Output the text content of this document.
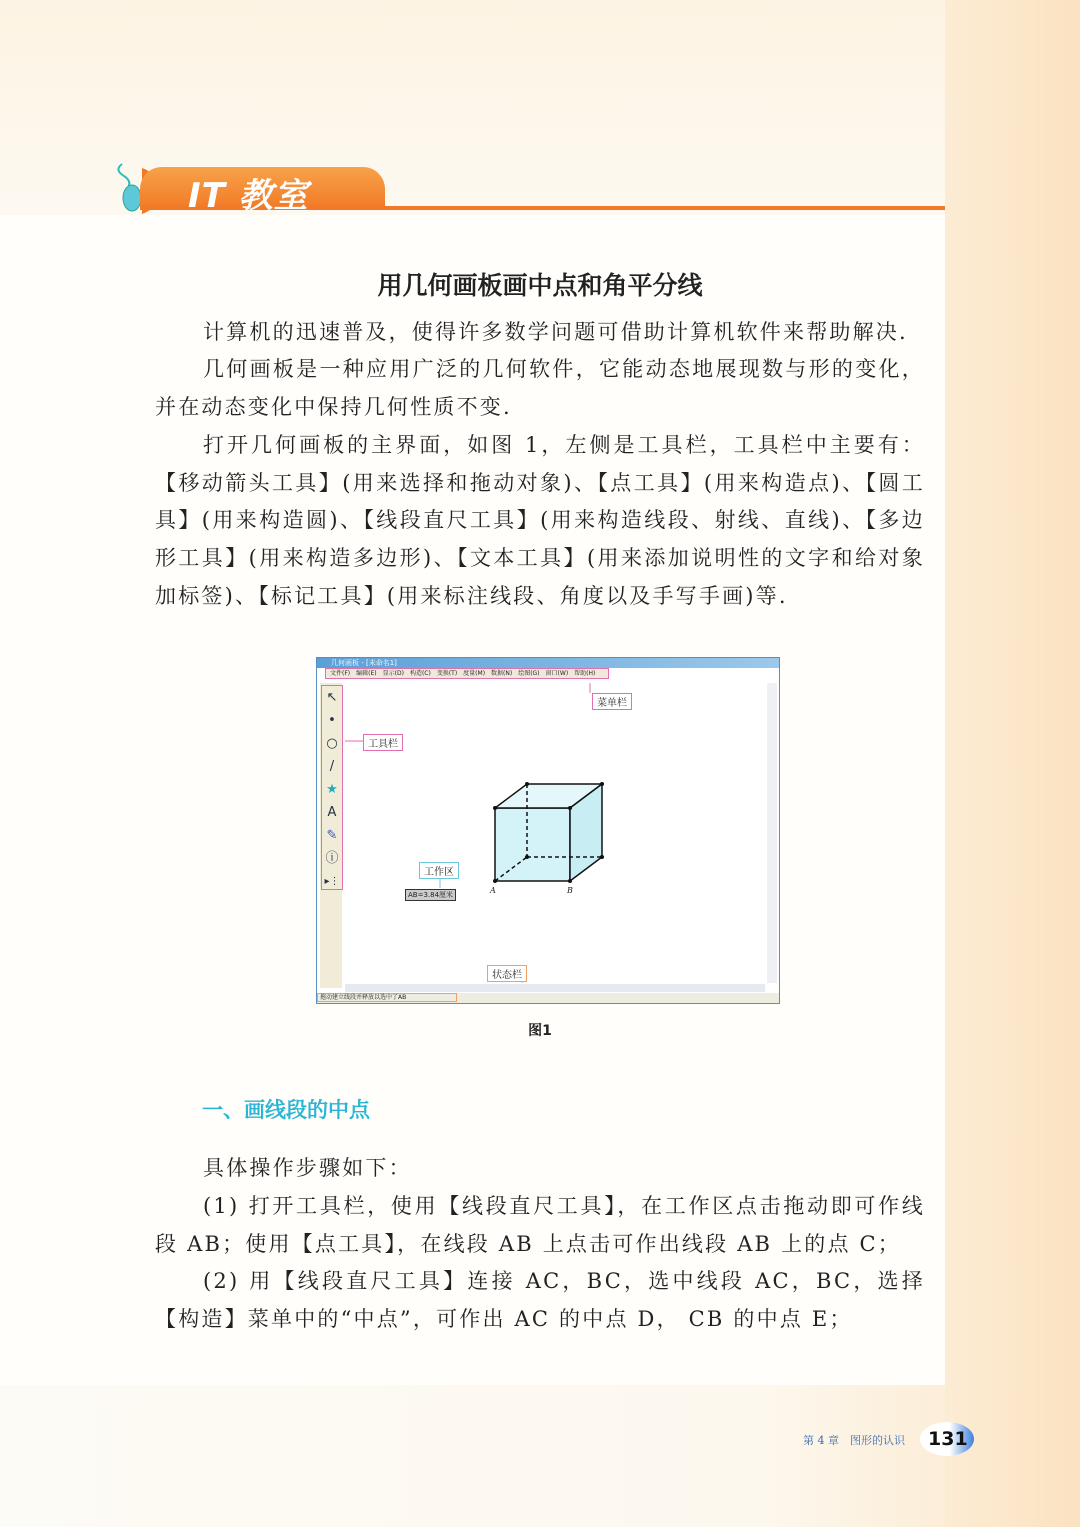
IT 教室
用几何画板画中点和角平分线
计算机的迅速普及，使得许多数学问题可借助计算机软件来帮助解决.
几何画板是一种应用广泛的几何软件，它能动态地展现数与形的变化，并在动态变化中保持几何性质不变.
打开几何画板的主界面，如图 1，左侧是工具栏，工具栏中主要有：【移动箭头工具】(用来选择和拖动对象)、【点工具】(用来构造点)、【圆工具】(用来构造圆)、【线段直尺工具】(用来构造线段、射线、直线)、【多边形工具】(用来构造多边形)、【文本工具】(用来添加说明性的文字和给对象加标签)、【标记工具】(用来标注线段、角度以及手写手画)等.
几何画板 - [未命名1]
文件(F) 编辑(E) 显示(D) 构造(C) 变换(T) 度量(M) 数据(N) 绘图(G) 窗口(W) 帮助(H)
↖
•
○
/
★
A
✎
ⓘ
▸⋮
菜单栏
工具栏
工作区
状态栏
AB=3.84厘米	A	B
拖动建立线段并释放以选中了AB
图1
一、画线段的中点
具体操作步骤如下：
(1) 打开工具栏，使用【线段直尺工具】，在工作区点击拖动即可作线段 AB；使用【点工具】，在线段 AB 上点击可作出线段 AB 上的点 C；
(2) 用【线段直尺工具】连接 AC，BC，选中线段 AC，BC，选择【构造】菜单中的“中点”，可作出 AC 的中点 D， CB 的中点 E；
第 4 章　图形的认识	131
